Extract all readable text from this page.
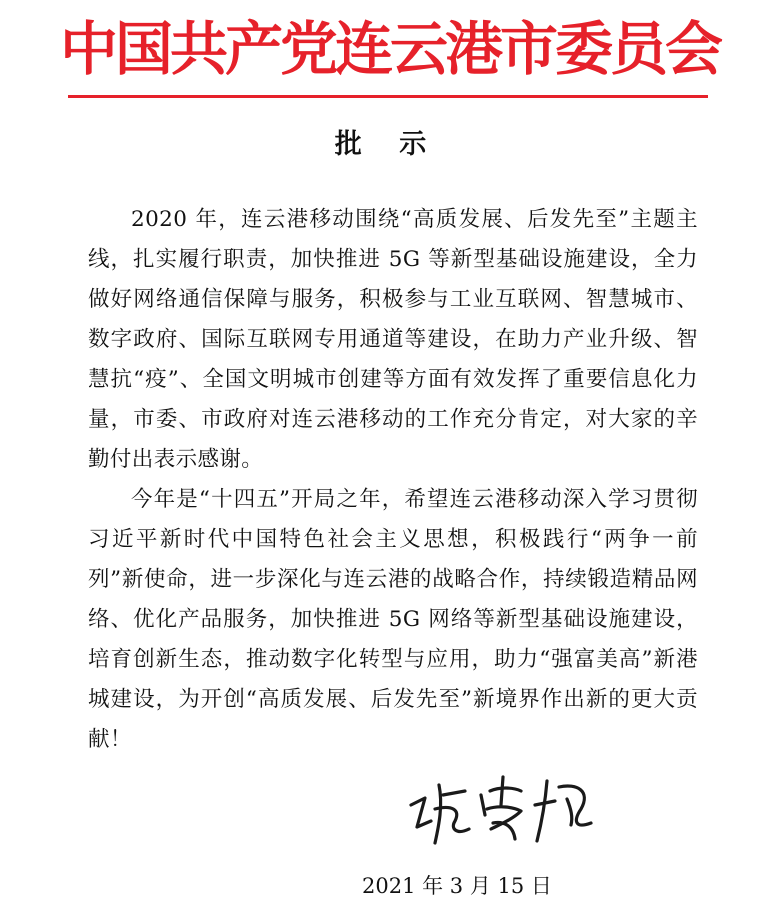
中国共产党连云港市委员会
批 示

2020 年，连云港移动围绕“高质发展、后发先至”主题主线，扎实履行职责，加快推进 5G 等新型基础设施建设，全力做好网络通信保障与服务，积极参与工业互联网、智慧城市、数字政府、国际互联网专用通道等建设，在助力产业升级、智慧抗“疫”、全国文明城市创建等方面有效发挥了重要信息化力量，市委、市政府对连云港移动的工作充分肯定，对大家的辛勤付出表示感谢。

今年是“十四五”开局之年，希望连云港移动深入学习贯彻习近平新时代中国特色社会主义思想，积极践行“两争一前列”新使命，进一步深化与连云港的战略合作，持续锻造精品网络、优化产品服务，加快推进 5G 网络等新型基础设施建设，培育创新生态，推动数字化转型与应用，助力“强富美高”新港城建设，为开创“高质发展、后发先至”新境界作出新的更大贡献！

2021 年 3 月 15 日
